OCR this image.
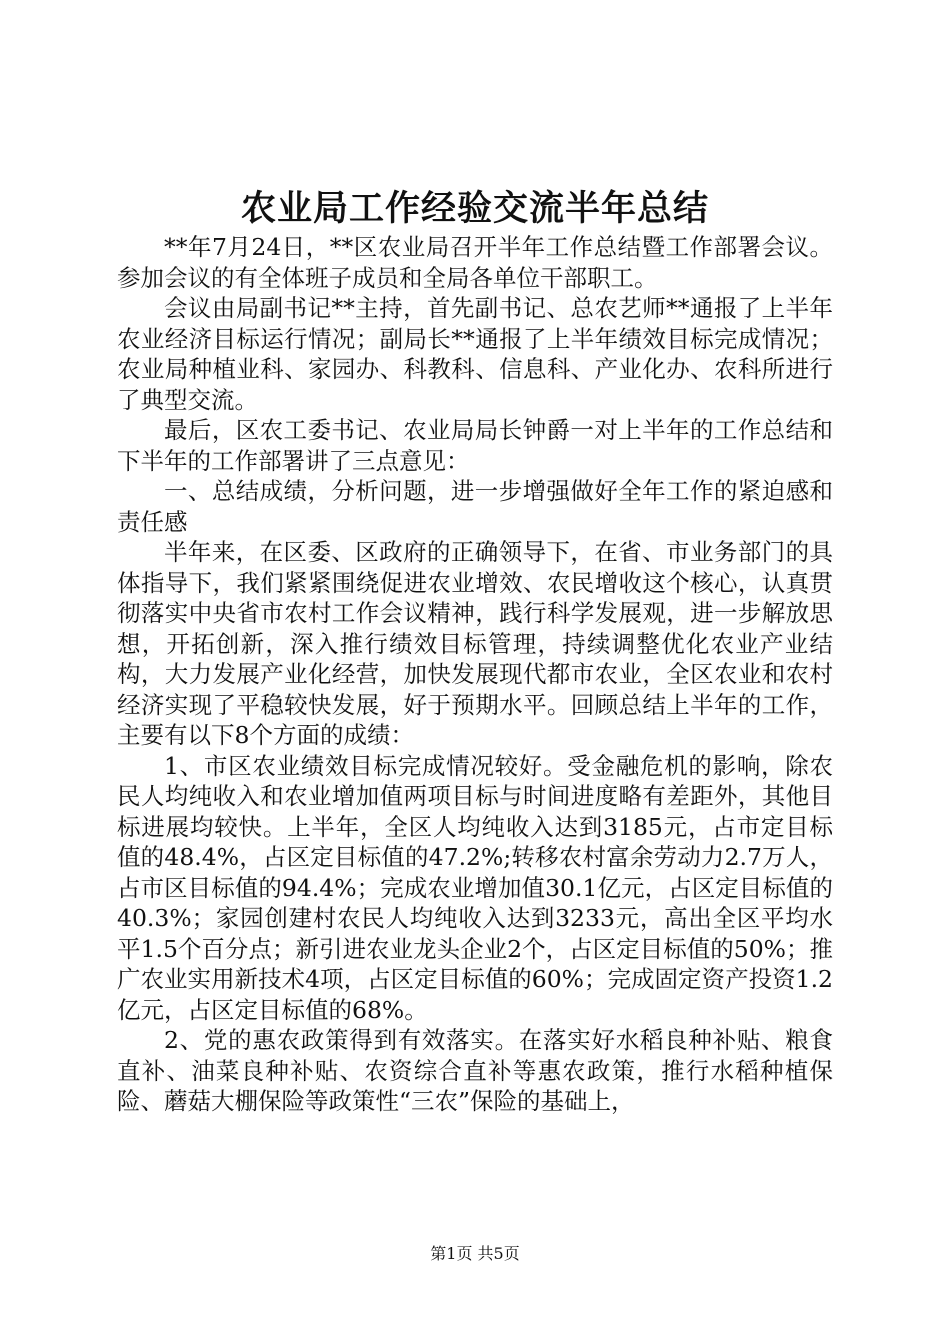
农业局工作经验交流半年总结

**年7月24日，**区农业局召开半年工作总结暨工作部署会议。参加会议的有全体班子成员和全局各单位干部职工。

会议由局副书记**主持，首先副书记、总农艺师**通报了上半年农业经济目标运行情况；副局长**通报了上半年绩效目标完成情况；农业局种植业科、家园办、科教科、信息科、产业化办、农科所进行了典型交流。

最后，区农工委书记、农业局局长钟爵一对上半年的工作总结和下半年的工作部署讲了三点意见：

一、总结成绩，分析问题，进一步增强做好全年工作的紧迫感和责任感

半年来，在区委、区政府的正确领导下，在省、市业务部门的具体指导下，我们紧紧围绕促进农业增效、农民增收这个核心，认真贯彻落实中央省市农村工作会议精神，践行科学发展观，进一步解放思想，开拓创新，深入推行绩效目标管理，持续调整优化农业产业结构，大力发展产业化经营，加快发展现代都市农业，全区农业和农村经济实现了平稳较快发展，好于预期水平。回顾总结上半年的工作，主要有以下8个方面的成绩：

1、市区农业绩效目标完成情况较好。受金融危机的影响，除农民人均纯收入和农业增加值两项目标与时间进度略有差距外，其他目标进展均较快。上半年，全区人均纯收入达到3185元，占市定目标值的48.4%，占区定目标值的47.2%;转移农村富余劳动力2.7万人，占市区目标值的94.4%；完成农业增加值30.1亿元，占区定目标值的40.3%；家园创建村农民人均纯收入达到3233元，高出全区平均水平1.5个百分点；新引进农业龙头企业2个，占区定目标值的50%；推广农业实用新技术4项，占区定目标值的60%；完成固定资产投资1.2亿元，占区定目标值的68%。

2、党的惠农政策得到有效落实。在落实好水稻良种补贴、粮食直补、油菜良种补贴、农资综合直补等惠农政策，推行水稻种植保险、蘑菇大棚保险等政策性“三农”保险的基础上，

第1页 共5页
